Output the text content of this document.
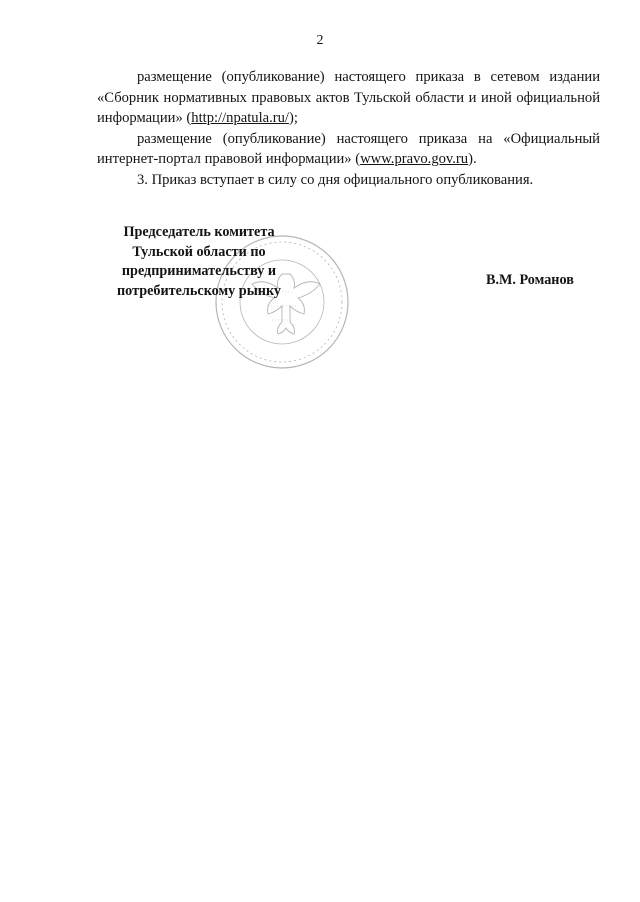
2

размещение (опубликование) настоящего приказа в сетевом издании «Сборник нормативных правовых актов Тульской области и иной официальной информации» (http://npatula.ru/);

размещение (опубликование) настоящего приказа на «Официальный интернет-портал правовой информации» (www.pravo.gov.ru).

3. Приказ вступает в силу со дня официального опубликования.

Председатель комитета
Тульской области по
предпринимательству и
потребительскому рынку
В.М. Романов
